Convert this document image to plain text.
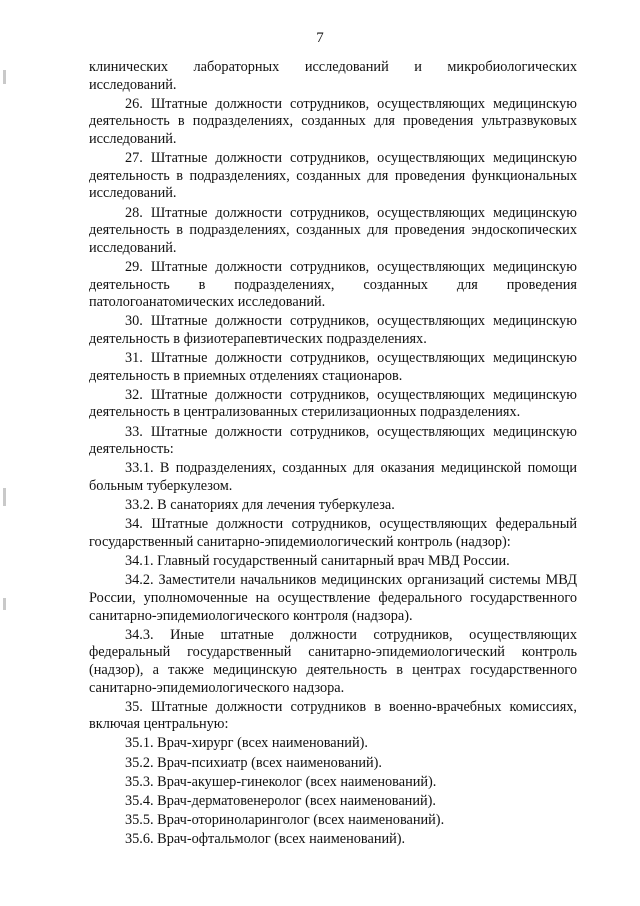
7

клинических лабораторных исследований и микробиологических исследований.

26. Штатные должности сотрудников, осуществляющих медицинскую деятельность в подразделениях, созданных для проведения ультразвуковых исследований.

27. Штатные должности сотрудников, осуществляющих медицинскую деятельность в подразделениях, созданных для проведения функциональных исследований.

28. Штатные должности сотрудников, осуществляющих медицинскую деятельность в подразделениях, созданных для проведения эндоскопических исследований.

29. Штатные должности сотрудников, осуществляющих медицинскую деятельность в подразделениях, созданных для проведения патологоанатомических исследований.

30. Штатные должности сотрудников, осуществляющих медицинскую деятельность в физиотерапевтических подразделениях.

31. Штатные должности сотрудников, осуществляющих медицинскую деятельность в приемных отделениях стационаров.

32. Штатные должности сотрудников, осуществляющих медицинскую деятельность в централизованных стерилизационных подразделениях.

33. Штатные должности сотрудников, осуществляющих медицинскую деятельность:

33.1. В подразделениях, созданных для оказания медицинской помощи больным туберкулезом.

33.2. В санаториях для лечения туберкулеза.

34. Штатные должности сотрудников, осуществляющих федеральный государственный санитарно-эпидемиологический контроль (надзор):

34.1. Главный государственный санитарный врач МВД России.

34.2. Заместители начальников медицинских организаций системы МВД России, уполномоченные на осуществление федерального государственного санитарно-эпидемиологического контроля (надзора).

34.3. Иные штатные должности сотрудников, осуществляющих федеральный государственный санитарно-эпидемиологический контроль (надзор), а также медицинскую деятельность в центрах государственного санитарно-эпидемиологического надзора.

35. Штатные должности сотрудников в военно-врачебных комиссиях, включая центральную:

35.1. Врач-хирург (всех наименований).

35.2. Врач-психиатр (всех наименований).

35.3. Врач-акушер-гинеколог (всех наименований).

35.4. Врач-дерматовенеролог (всех наименований).

35.5. Врач-оториноларинголог (всех наименований).

35.6. Врач-офтальмолог (всех наименований).
